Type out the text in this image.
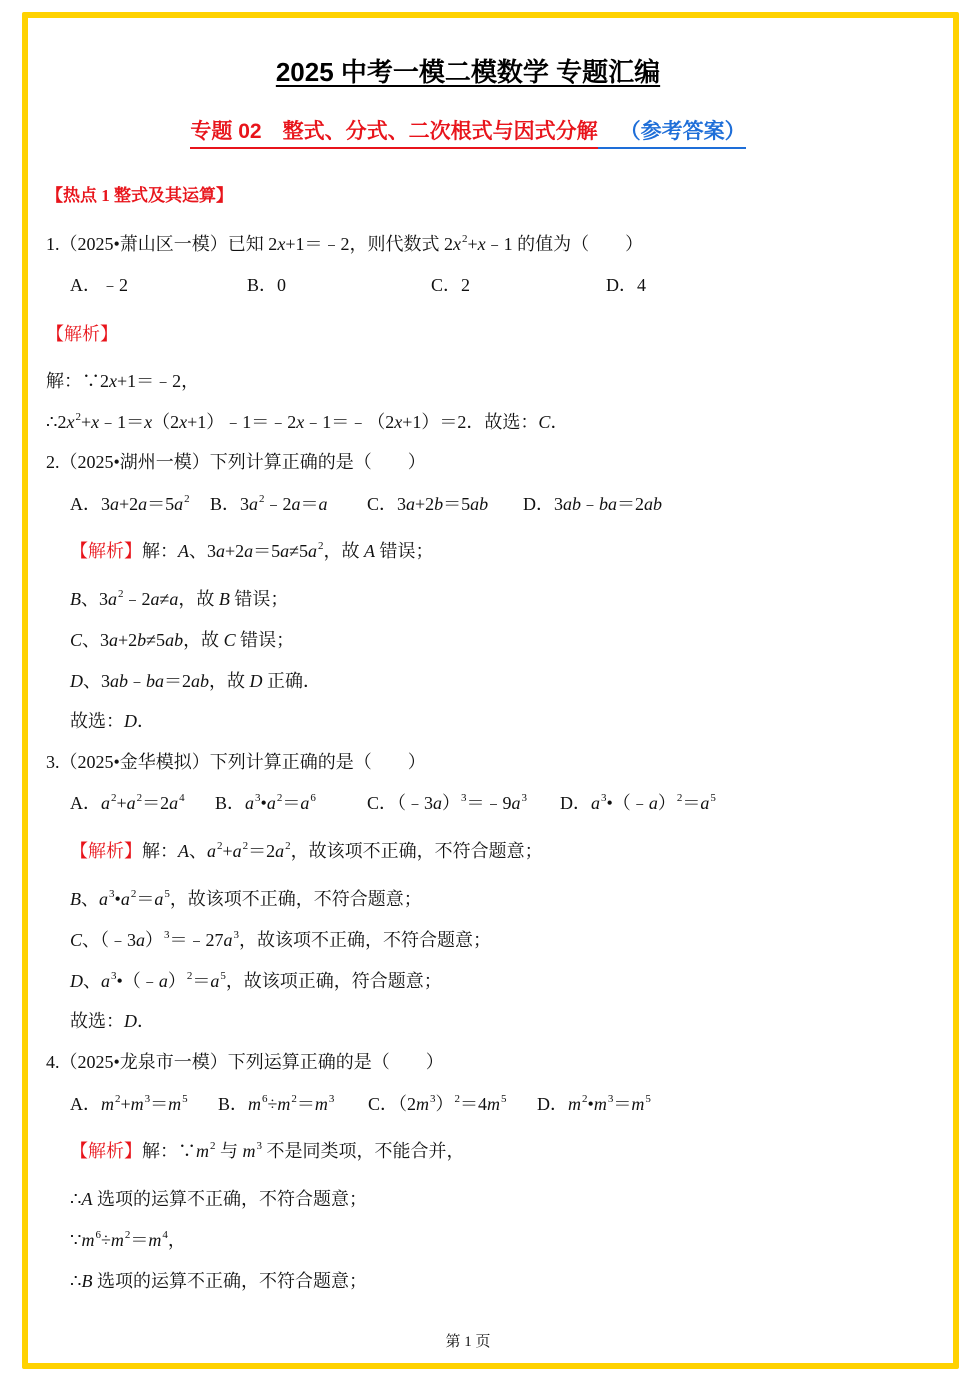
2025 中考一模二模数学 专题汇编
专题 02　整式、分式、二次根式与因式分解 （参考答案）
【热点 1 整式及其运算】
1.（2025•萧山区一模）已知 2x+1＝﹣2，则代数式 $2x^2+x﹣1$ 的值为（　　）
A．﹣2	B．0	C．2	D．4
【解析】
解：∵2x+1＝﹣2，
$\therefore 2x^2+x﹣1=x(2x+1)﹣1=﹣2x﹣1=﹣(2x+1)=2$．故选：C．
2.（2025•湖州一模）下列计算正确的是（　　）
A．$3a+2a=5a^2$ B．$3a^2﹣2a=a$ C．3a+2b＝5ab D．3ab﹣ba＝2ab
【解析】解：A、$3a+2a=5a\ne 5a^2$，故 A 错误；
B、$3a^2﹣2a\ne a$，故 B 错误；
C、3a+2b≠5ab，故 C 错误；
D、3ab﹣ba＝2ab，故 D 正确．
故选：D．
3.（2025•金华模拟）下列计算正确的是（　　）
A．$a^2+a^2=2a^4$ B．$a^3•a^2=a^6$	C．$(﹣3a)^3=﹣9a^3$ D．$a^3•(﹣a)^2=a^5$
【解析】解：A、$a^2+a^2=2a^2$，故该项不正确，不符合题意；
B、$a^3•a^2=a^5$，故该项不正确，不符合题意；
C、$(﹣3a)^3=﹣27a^3$，故该项不正确，不符合题意；
D、$a^3•(﹣a)^2=a^5$，故该项正确，符合题意；
故选：D．
4.（2025•龙泉市一模）下列运算正确的是（　　）
A．$m^2+m^3=m^5$ B．$m^6\div m^2=m^3$ C．$(2m^3)^2=4m^5$ D．$m^2•m^3=m^5$
【解析】解：$\because m^2$ 与 $m^3$ 不是同类项，不能合并，
∴A 选项的运算不正确，不符合题意；
$\because m^6\div m^2=m^4$，
∴B 选项的运算不正确，不符合题意；
第 1 页
